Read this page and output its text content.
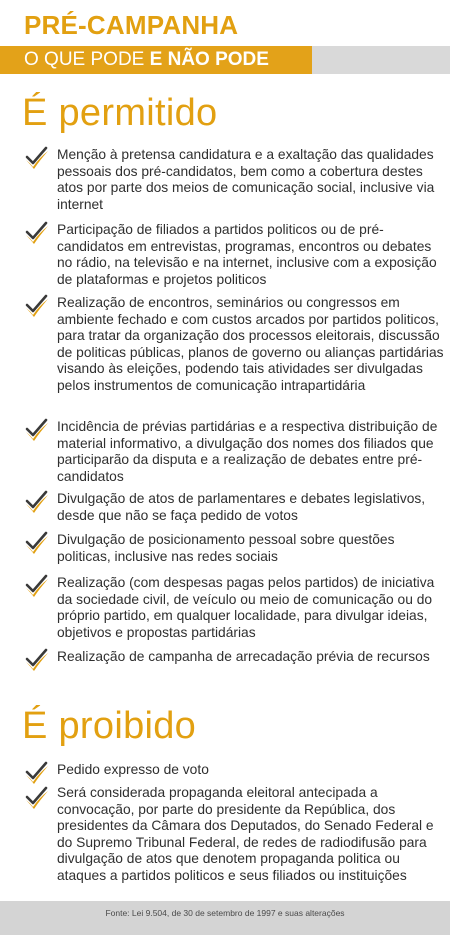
PRÉ-CAMPANHA
O QUE PODE E NÃO PODE
É permitido
Menção à pretensa candidatura e a exaltação das qualidades pessoais dos pré-candidatos, bem como a cobertura destes atos por parte dos meios de comunicação social, inclusive via internet
Participação de filiados a partidos politicos ou de pré-candidatos em entrevistas, programas, encontros ou debates no rádio, na televisão e na internet, inclusive com a exposição de plataformas e projetos politicos
Realização de encontros, seminários ou congressos em ambiente fechado e com custos arcados por partidos politicos, para tratar da organização dos processos eleitorais, discussão de politicas públicas, planos de governo ou alianças partidárias visando às eleições, podendo tais atividades ser divulgadas pelos instrumentos de comunicação intrapartidária
Incidência de prévias partidárias e a respectiva distribuição de material informativo, a divulgação dos nomes dos filiados que participarão da disputa e a realização de debates entre pré-candidatos
Divulgação de atos de parlamentares e debates legislativos, desde que não se faça pedido de votos
Divulgação de posicionamento pessoal sobre questões politicas, inclusive nas redes sociais
Realização (com despesas pagas pelos partidos) de iniciativa da sociedade civil, de veículo ou meio de comunicação ou do próprio partido, em qualquer localidade, para divulgar ideias, objetivos e propostas partidárias
Realização de campanha de arrecadação prévia de recursos
É proibido
Pedido expresso de voto
Será considerada propaganda eleitoral antecipada a convocação, por parte do presidente da República, dos presidentes da Câmara dos Deputados, do Senado Federal e do Supremo Tribunal Federal, de redes de radiodifusão para divulgação de atos que denotem propaganda politica ou ataques a partidos politicos e seus filiados ou instituições
Fonte: Lei 9.504, de 30 de setembro de 1997 e suas alterações
